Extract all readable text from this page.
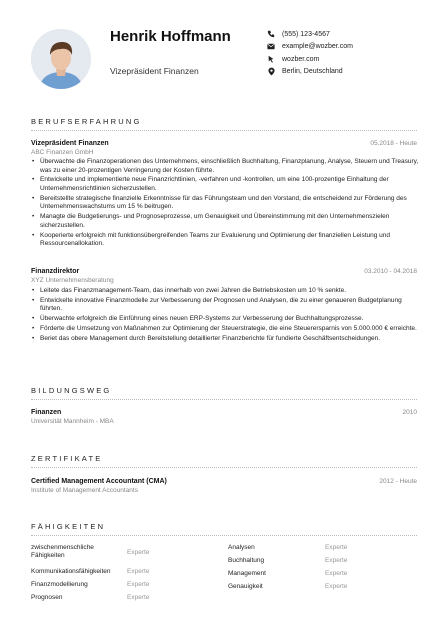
Henrik Hoffmann
Vizepräsident Finanzen
(555) 123-4567
example@wozber.com
wozber.com
Berlin, Deutschland
BERUFSERFAHRUNG
Vizepräsident Finanzen	05.2018 - Heute
ABC Finanzen GmbH
• Überwachte die Finanzoperationen des Unternehmens, einschließlich Buchhaltung, Finanzplanung, Analyse, Steuern und Treasury, was zu einer 20-prozentigen Verringerung der Kosten führte.
• Entwickelte und implementierte neue Finanzrichtlinien, -verfahren und -kontrollen, um eine 100-prozentige Einhaltung der Unternehmensrichtlinien sicherzustellen.
• Bereitstellte strategische finanzielle Erkenntnisse für das Führungsteam und den Vorstand, die entscheidend zur Förderung des Unternehmenswachstums um 15 % beitrugen.
• Managte die Budgetierungs- und Prognoseprozesse, um Genauigkeit und Übereinstimmung mit den Unternehmenszielen sicherzustellen.
• Kooperierte erfolgreich mit funktionsübergreifenden Teams zur Evaluierung und Optimierung der finanziellen Leistung und Ressourcenallokation.
Finanzdirektor	03.2010 - 04.2018
XYZ Unternehmensberatung
• Leitete das Finanzmanagement-Team, das innerhalb von zwei Jahren die Betriebskosten um 10 % senkte.
• Entwickelte innovative Finanzmodelle zur Verbesserung der Prognosen und Analysen, die zu einer genaueren Budgetplanung führten.
• Überwachte erfolgreich die Einführung eines neuen ERP-Systems zur Verbesserung der Buchhaltungsprozesse.
• Förderte die Umsetzung von Maßnahmen zur Optimierung der Steuerstrategie, die eine Steuerersparnis von 5.000.000 € erreichte.
• Beriet das obere Management durch Bereitstellung detaillierter Finanzberichte für fundierte Geschäftsentscheidungen.
BILDUNGSWEG
Finanzen	2010
Universität Mannheim - MBA
ZERTIFIKATE
Certified Management Accountant (CMA)	2012 - Heute
Institute of Management Accountants
FÄHIGKEITEN
zwischenmenschliche Fähigkeiten	Experte
Kommunikationsfähigkeiten	Experte
Finanzmodellierung	Experte
Prognosen	Experte
Analysen	Experte
Buchhaltung	Experte
Management	Experte
Genauigkeit	Experte
